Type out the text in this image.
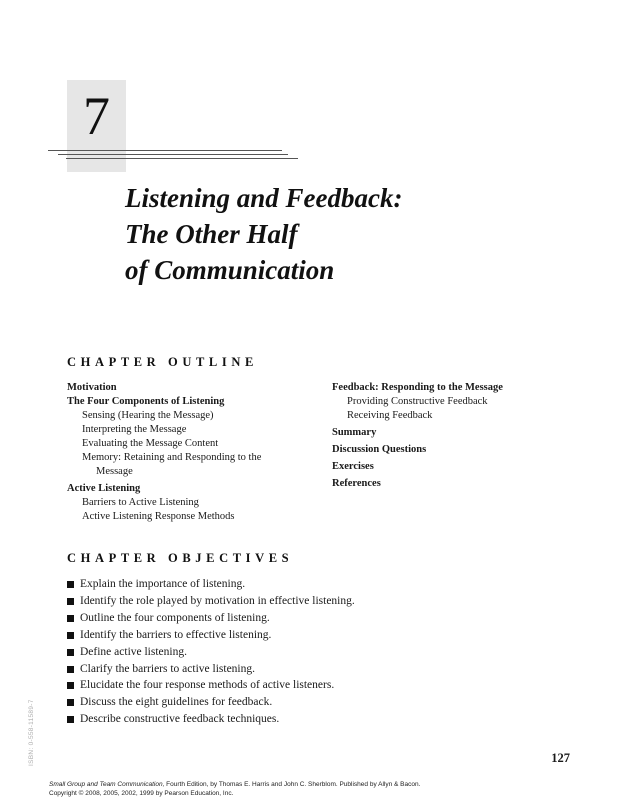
7
Listening and Feedback:
The Other Half
of Communication
CHAPTER OUTLINE
Motivation
The Four Components of Listening
Sensing (Hearing the Message)
Interpreting the Message
Evaluating the Message Content
Memory: Retaining and Responding to the
Message
Active Listening
Barriers to Active Listening
Active Listening Response Methods
Feedback: Responding to the Message
Providing Constructive Feedback
Receiving Feedback
Summary
Discussion Questions
Exercises
References
CHAPTER OBJECTIVES
Explain the importance of listening.
Identify the role played by motivation in effective listening.
Outline the four components of listening.
Identify the barriers to effective listening.
Define active listening.
Clarify the barriers to active listening.
Elucidate the four response methods of active listeners.
Discuss the eight guidelines for feedback.
Describe constructive feedback techniques.
ISBN: 0-558-11589-7	127
Small Group and Team Communication, Fourth Edition, by Thomas E. Harris and John C. Sherblom. Published by Allyn & Bacon.
Copyright © 2008, 2005, 2002, 1999 by Pearson Education, Inc.
